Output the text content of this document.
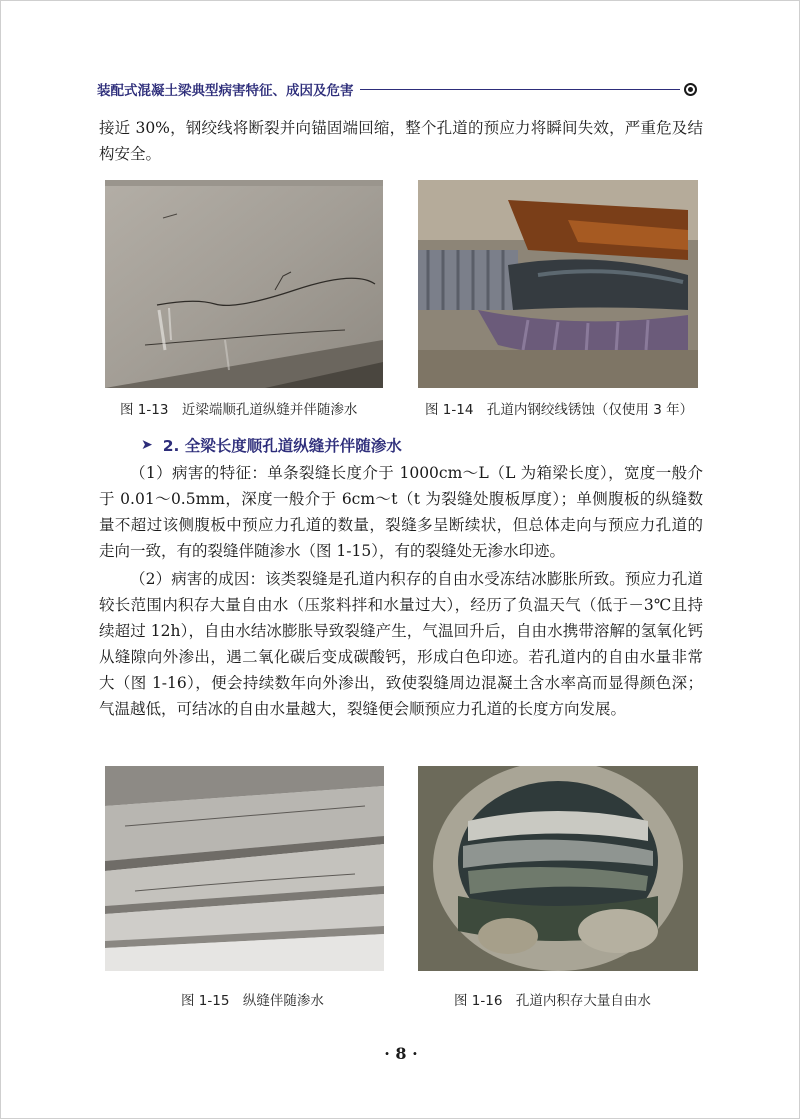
装配式混凝土梁典型病害特征、成因及危害

接近 30%，钢绞线将断裂并向锚固端回缩，整个孔道的预应力将瞬间失效，严重危及结构安全。

图 1-13　近梁端顺孔道纵缝并伴随渗水	图 1-14　孔道内钢绞线锈蚀（仅使用 3 年）
➤ 2. 全梁长度顺孔道纵缝并伴随渗水

（1）病害的特征：单条裂缝长度介于 1000cm～L（L 为箱梁长度），宽度一般介于 0.01～0.5mm，深度一般介于 6cm～t（t 为裂缝处腹板厚度）；单侧腹板的纵缝数量不超过该侧腹板中预应力孔道的数量，裂缝多呈断续状，但总体走向与预应力孔道的走向一致，有的裂缝伴随渗水（图 1-15），有的裂缝处无渗水印迹。

（2）病害的成因：该类裂缝是孔道内积存的自由水受冻结冰膨胀所致。预应力孔道较长范围内积存大量自由水（压浆料拌和水量过大），经历了负温天气（低于－3℃且持续超过 12h），自由水结冰膨胀导致裂缝产生，气温回升后，自由水携带溶解的氢氧化钙从缝隙向外渗出，遇二氧化碳后变成碳酸钙，形成白色印迹。若孔道内的自由水量非常大（图 1-16），便会持续数年向外渗出，致使裂缝周边混凝土含水率高而显得颜色深；气温越低，可结冰的自由水量越大，裂缝便会顺预应力孔道的长度方向发展。

图 1-15　纵缝伴随渗水	图 1-16　孔道内积存大量自由水
· 8 ·
